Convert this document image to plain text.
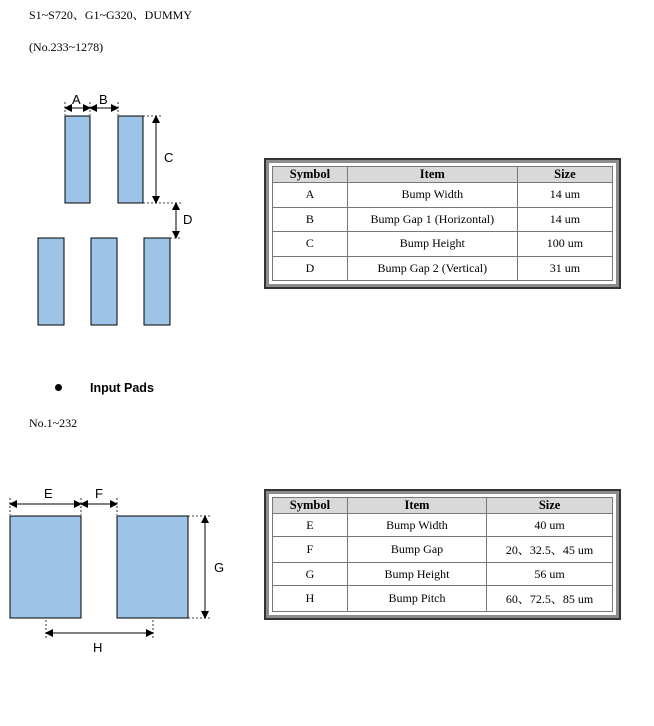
S1~S720、G1~G320、DUMMY
(No.233~1278)
A B
C
D
Symbol	Item	Size
A	Bump Width	14 um
B	Bump Gap 1 (Horizontal)	14 um
C	Bump Height	100 um
D	Bump Gap 2 (Vertical)	31 um
Input Pads
No.1~232
E	F
G
H
Symbol	Item	Size
E	Bump Width	40 um
F	Bump Gap	20、32.5、45 um
G	Bump Height	56 um
H	Bump Pitch	60、72.5、85 um
